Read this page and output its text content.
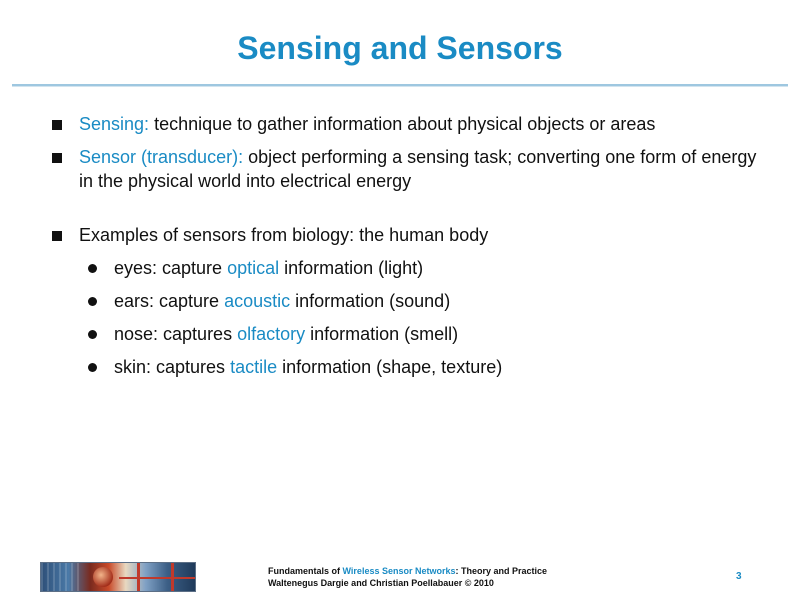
Sensing and Sensors
Sensing: technique to gather information about physical objects or areas
Sensor (transducer): object performing a sensing task; converting one form of energy in the physical world into electrical energy
Examples of sensors from biology: the human body
eyes: capture optical information (light)
ears: capture acoustic information (sound)
nose: captures olfactory information (smell)
skin: captures tactile information (shape, texture)
Fundamentals of Wireless Sensor Networks: Theory and Practice
Waltenegus Dargie and Christian Poellabauer © 2010
3
